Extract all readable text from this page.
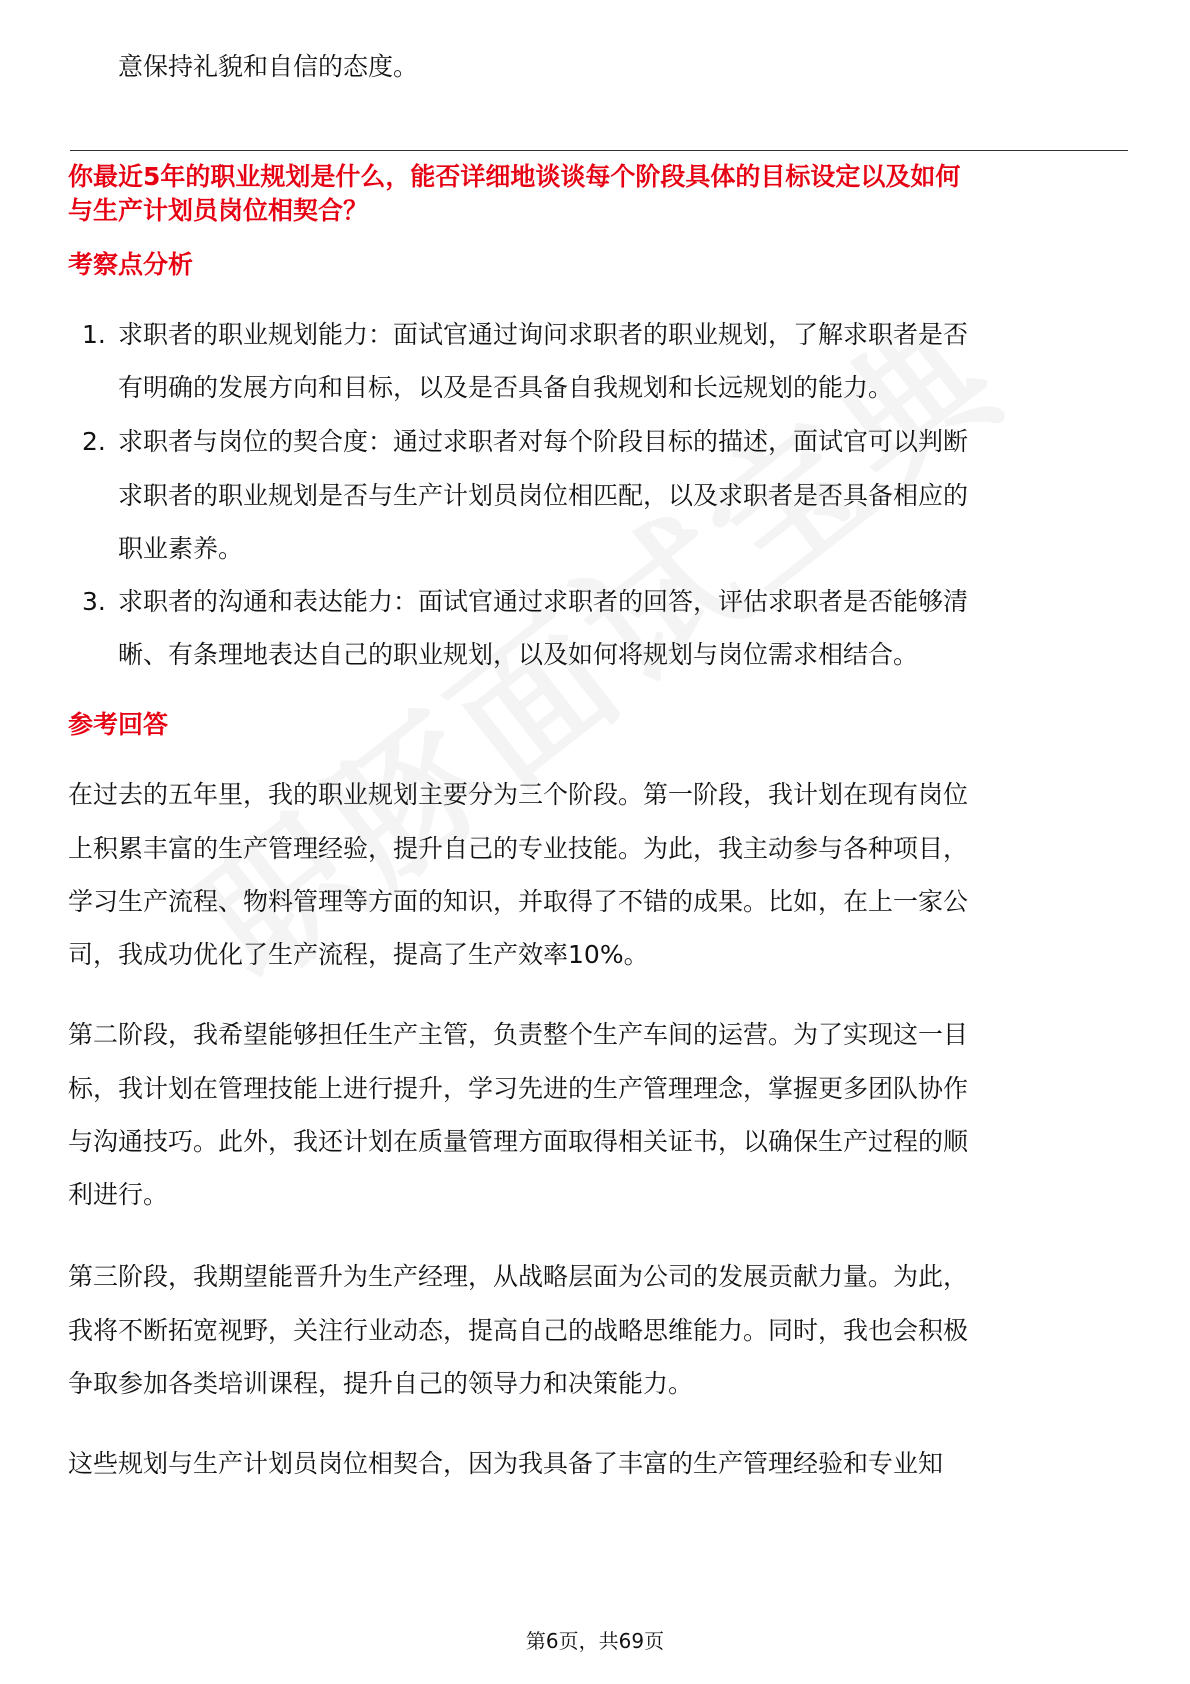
意保持礼貌和自信的态度。
你最近5年的职业规划是什么，能否详细地谈谈每个阶段具体的目标设定以及如何
与生产计划员岗位相契合？
考察点分析
1. 求职者的职业规划能力：面试官通过询问求职者的职业规划，了解求职者是否
有明确的发展方向和目标，以及是否具备自我规划和长远规划的能力。
2. 求职者与岗位的契合度：通过求职者对每个阶段目标的描述，面试官可以判断
求职者的职业规划是否与生产计划员岗位相匹配，以及求职者是否具备相应的
职业素养。
3. 求职者的沟通和表达能力：面试官通过求职者的回答，评估求职者是否能够清
晰、有条理地表达自己的职业规划，以及如何将规划与岗位需求相结合。
参考回答
在过去的五年里，我的职业规划主要分为三个阶段。第一阶段，我计划在现有岗位
上积累丰富的生产管理经验，提升自己的专业技能。为此，我主动参与各种项目，
学习生产流程、物料管理等方面的知识，并取得了不错的成果。比如，在上一家公
司，我成功优化了生产流程，提高了生产效率10%。
第二阶段，我希望能够担任生产主管，负责整个生产车间的运营。为了实现这一目
标，我计划在管理技能上进行提升，学习先进的生产管理理念，掌握更多团队协作
与沟通技巧。此外，我还计划在质量管理方面取得相关证书，以确保生产过程的顺
利进行。
第三阶段，我期望能晋升为生产经理，从战略层面为公司的发展贡献力量。为此，
我将不断拓宽视野，关注行业动态，提高自己的战略思维能力。同时，我也会积极
争取参加各类培训课程，提升自己的领导力和决策能力。
这些规划与生产计划员岗位相契合，因为我具备了丰富的生产管理经验和专业知
第6页，共69页
